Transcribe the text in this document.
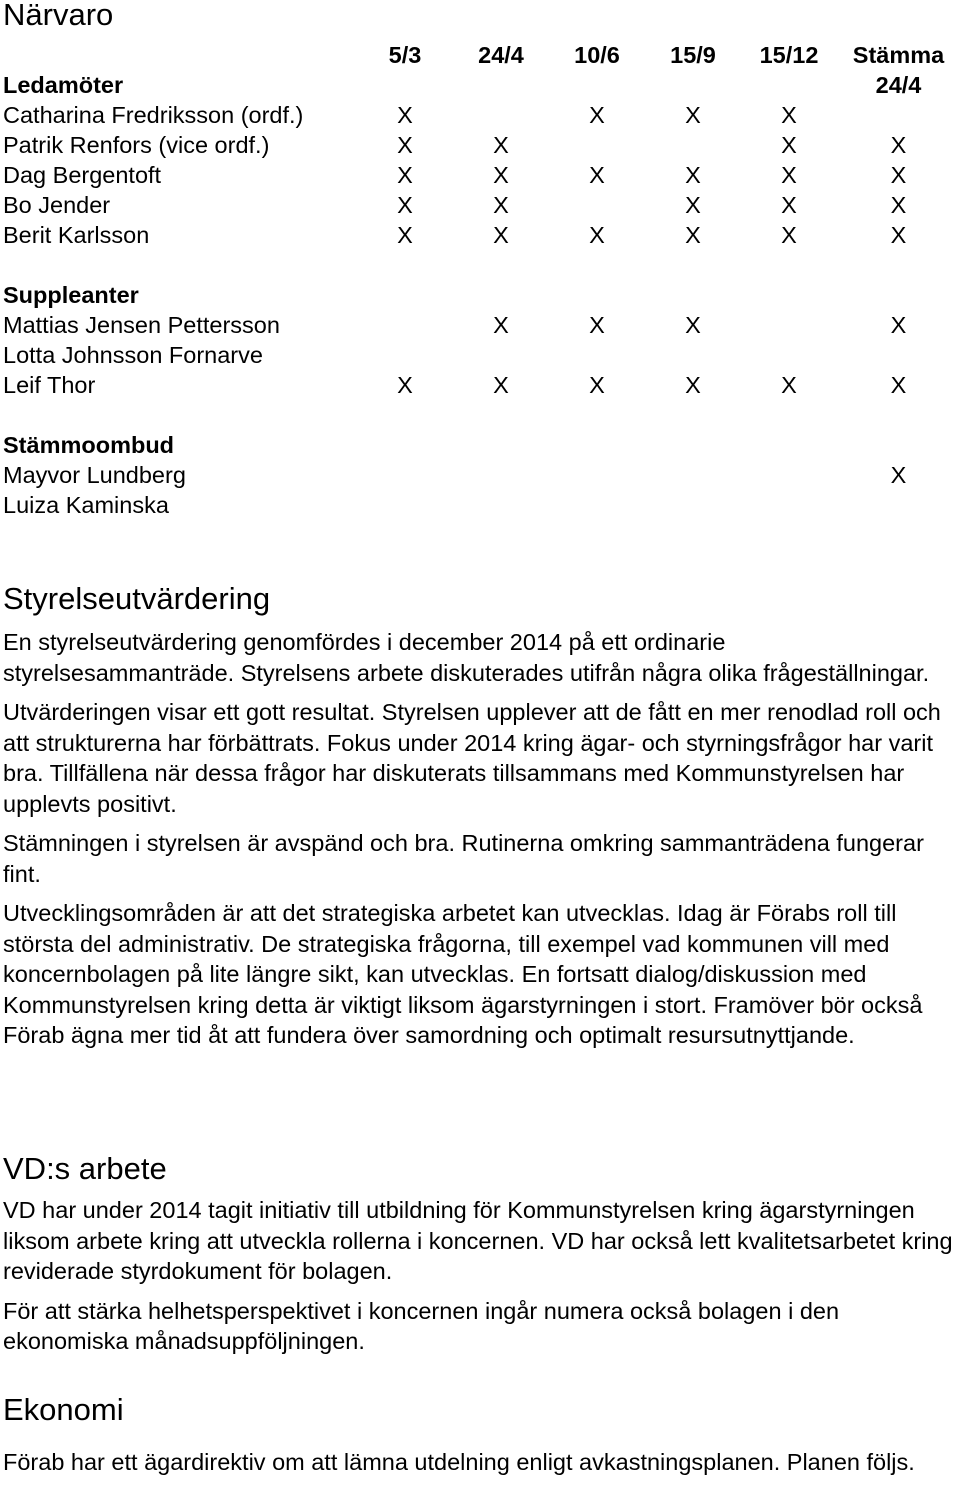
Närvaro
	5/3	24/4	10/6	15/9	15/12	Stämma
Ledamöter						24/4
Catharina Fredriksson (ordf.)	X		X	X	X	
Patrik Renfors (vice ordf.)	X	X			X	X
Dag Bergentoft	X	X	X	X	X	X
Bo Jender	X	X		X	X	X
Berit Karlsson	X	X	X	X	X	X

Suppleanter						
Mattias Jensen Pettersson		X	X	X		X
Lotta Johnsson Fornarve						
Leif Thor	X	X	X	X	X	X

Stämmoombud						
Mayvor Lundberg						X
Luiza Kaminska						
Styrelseutvärdering

En styrelseutvärdering genomfördes i december 2014 på ett ordinarie styrelsesammanträde. Styrelsens arbete diskuterades utifrån några olika frågeställningar.

Utvärderingen visar ett gott resultat. Styrelsen upplever att de fått en mer renodlad roll och att strukturerna har förbättrats. Fokus under 2014 kring ägar- och styrningsfrågor har varit bra. Tillfällena när dessa frågor har diskuterats tillsammans med Kommunstyrelsen har upplevts positivt.

Stämningen i styrelsen är avspänd och bra. Rutinerna omkring sammanträdena fungerar fint.

Utvecklingsområden är att det strategiska arbetet kan utvecklas. Idag är Förabs roll till största del administrativ. De strategiska frågorna, till exempel vad kommunen vill med koncernbolagen på lite längre sikt, kan utvecklas. En fortsatt dialog/diskussion med Kommunstyrelsen kring detta är viktigt liksom ägarstyrningen i stort. Framöver bör också Förab ägna mer tid åt att fundera över samordning och optimalt resursutnyttjande.

VD:s arbete

VD har under 2014 tagit initiativ till utbildning för Kommunstyrelsen kring ägarstyrningen liksom arbete kring att utveckla rollerna i koncernen. VD har också lett kvalitetsarbetet kring reviderade styrdokument för bolagen.

För att stärka helhetsperspektivet i koncernen ingår numera också bolagen i den ekonomiska månadsuppföljningen.

Ekonomi

Förab har ett ägardirektiv om att lämna utdelning enligt avkastningsplanen. Planen följs.
